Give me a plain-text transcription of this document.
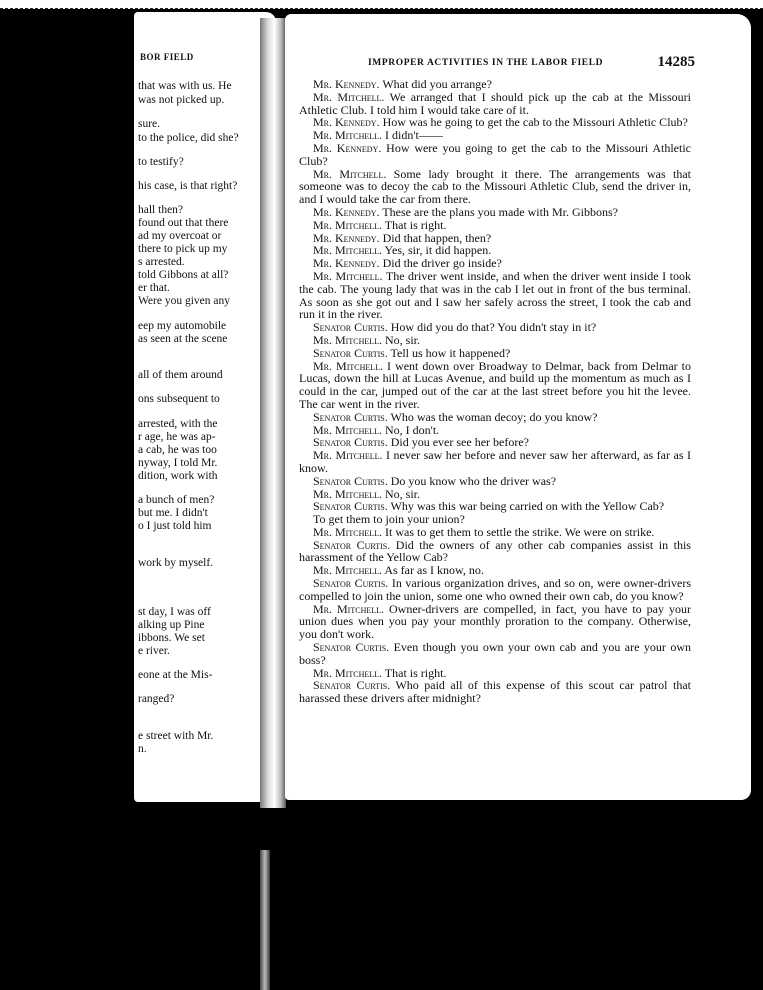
BOR FIELD
that was with us. He
was not picked up.
sure.
to the police, did she?
to testify?
his case, is that right?
hall then?
found out that there
ad my overcoat or
there to pick up my
s arrested.
told Gibbons at all?
er that.
Were you given any
eep my automobile
as seen at the scene
all of them around
ons subsequent to
arrested, with the
r age, he was ap-
a cab, he was too
nyway, I told Mr.
dition, work with
a bunch of men?
but me. I didn't
o I just told him
work by myself.
st day, I was off
alking up Pine
ibbons. We set
e river.
eone at the Mis-
ranged?
e street with Mr.
n.
IMPROPER ACTIVITIES IN THE LABOR FIELD	14285

Mr. Kennedy. What did you arrange?

Mr. Mitchell. We arranged that I should pick up the cab at the Missouri Athletic Club. I told him I would take care of it.

Mr. Kennedy. How was he going to get the cab to the Missouri Athletic Club?

Mr. Mitchell. I didn't——

Mr. Kennedy. How were you going to get the cab to the Missouri Athletic Club?

Mr. Mitchell. Some lady brought it there. The arrangements was that someone was to decoy the cab to the Missouri Athletic Club, send the driver in, and I would take the car from there.

Mr. Kennedy. These are the plans you made with Mr. Gibbons?

Mr. Mitchell. That is right.

Mr. Kennedy. Did that happen, then?

Mr. Mitchell. Yes, sir, it did happen.

Mr. Kennedy. Did the driver go inside?

Mr. Mitchell. The driver went inside, and when the driver went inside I took the cab. The young lady that was in the cab I let out in front of the bus terminal. As soon as she got out and I saw her safely across the street, I took the cab and run it in the river.

Senator Curtis. How did you do that? You didn't stay in it?

Mr. Mitchell. No, sir.

Senator Curtis. Tell us how it happened?

Mr. Mitchell. I went down over Broadway to Delmar, back from Delmar to Lucas, down the hill at Lucas Avenue, and build up the momentum as much as I could in the car, jumped out of the car at the last street before you hit the levee. The car went in the river.

Senator Curtis. Who was the woman decoy; do you know?

Mr. Mitchell. No, I don't.

Senator Curtis. Did you ever see her before?

Mr. Mitchell. I never saw her before and never saw her afterward, as far as I know.

Senator Curtis. Do you know who the driver was?

Mr. Mitchell. No, sir.

Senator Curtis. Why was this war being carried on with the Yellow Cab?

To get them to join your union?

Mr. Mitchell. It was to get them to settle the strike. We were on strike.

Senator Curtis. Did the owners of any other cab companies assist in this harassment of the Yellow Cab?

Mr. Mitchell. As far as I know, no.

Senator Curtis. In various organization drives, and so on, were owner-drivers compelled to join the union, some one who owned their own cab, do you know?

Mr. Mitchell. Owner-drivers are compelled, in fact, you have to pay your union dues when you pay your monthly proration to the company. Otherwise, you don't work.

Senator Curtis. Even though you own your own cab and you are your own boss?

Mr. Mitchell. That is right.

Senator Curtis. Who paid all of this expense of this scout car patrol that harassed these drivers after midnight?
